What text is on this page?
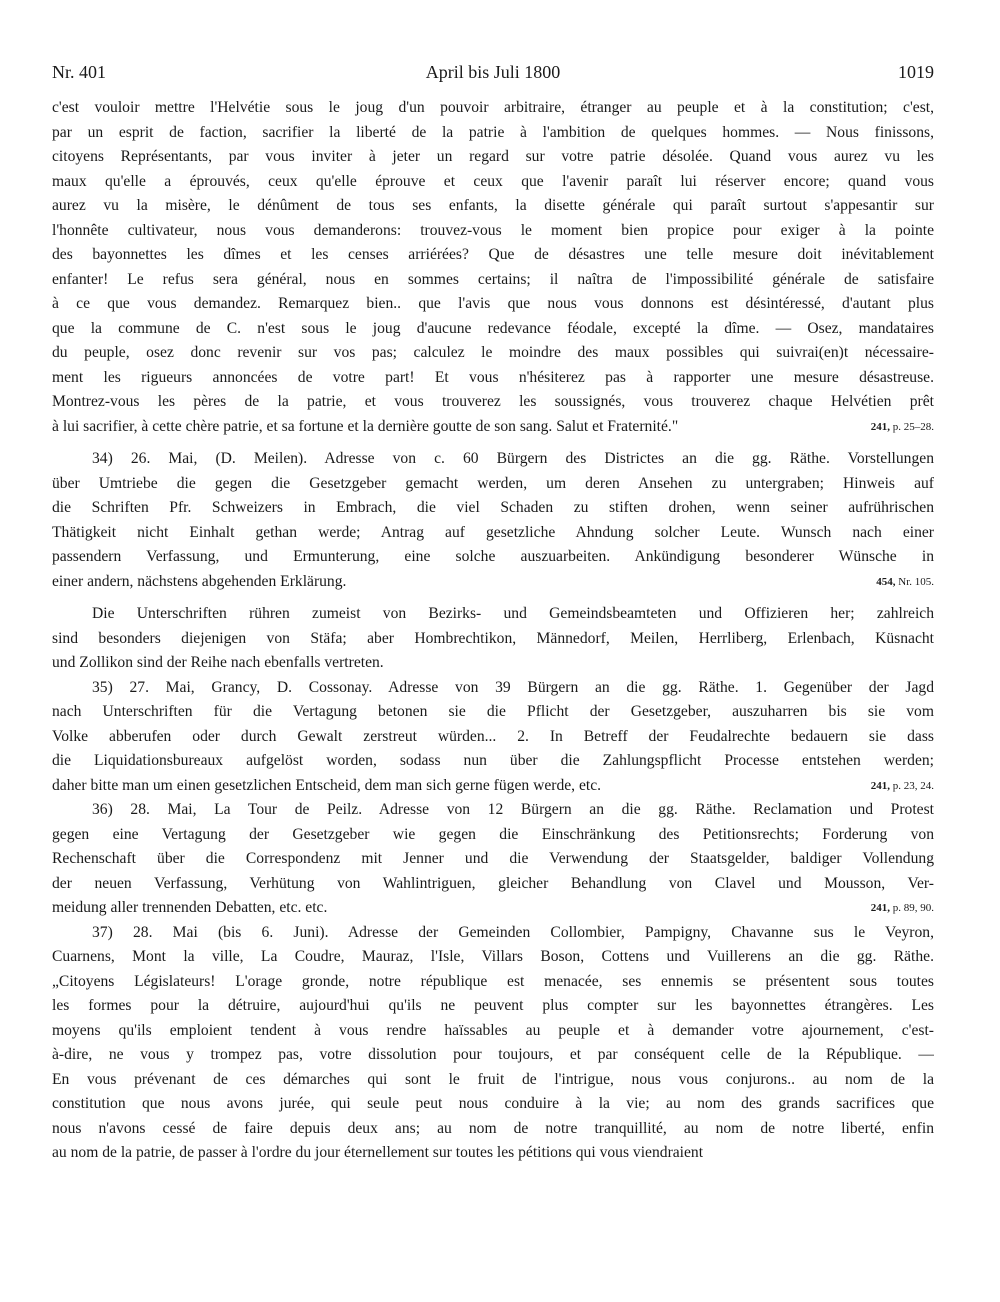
Nr. 401	April bis Juli 1800	1019
c'est vouloir mettre l'Helvétie sous le joug d'un pouvoir arbitraire, étranger au peuple et à la constitution; c'est,
par un esprit de faction, sacrifier la liberté de la patrie à l'ambition de quelques hommes. — Nous finissons,
citoyens Représentants, par vous inviter à jeter un regard sur votre patrie désolée. Quand vous aurez vu les
maux qu'elle a éprouvés, ceux qu'elle éprouve et ceux que l'avenir paraît lui réserver encore; quand vous
aurez vu la misère, le dénûment de tous ses enfants, la disette générale qui paraît surtout s'appesantir sur
l'honnête cultivateur, nous vous demanderons: trouvez-vous le moment bien propice pour exiger à la pointe
des bayonnettes les dîmes et les censes arriérées? Que de désastres une telle mesure doit inévitablement
enfanter! Le refus sera général, nous en sommes certains; il naîtra de l'impossibilité générale de satisfaire
à ce que vous demandez. Remarquez bien.. que l'avis que nous vous donnons est désintéressé, d'autant plus
que la commune de C. n'est sous le joug d'aucune redevance féodale, excepté la dîme. — Osez, mandataires
du peuple, osez donc revenir sur vos pas; calculez le moindre des maux possibles qui suivrai(en)t nécessaire-
ment les rigueurs annoncées de votre part! Et vous n'hésiterez pas à rapporter une mesure désastreuse.
Montrez-vous les pères de la patrie, et vous trouverez les soussignés, vous trouverez chaque Helvétien prêt
241, p. 25–28.
à lui sacrifier, à cette chère patrie, et sa fortune et la dernière goutte de son sang. Salut et Fraternité."
34) 26. Mai, (D. Meilen). Adresse von c. 60 Bürgern des Districtes an die gg. Räthe. Vorstellungen
über Umtriebe die gegen die Gesetzgeber gemacht werden, um deren Ansehen zu untergraben; Hinweis auf
die Schriften Pfr. Schweizers in Embrach, die viel Schaden zu stiften drohen, wenn seiner aufrührischen
Thätigkeit nicht Einhalt gethan werde; Antrag auf gesetzliche Ahndung solcher Leute. Wunsch nach einer
passendern Verfassung, und Ermunterung, eine solche auszuarbeiten. Ankündigung besonderer Wünsche in
454, Nr. 105.
einer andern, nächstens abgehenden Erklärung.
Die Unterschriften rühren zumeist von Bezirks- und Gemeindsbeamteten und Offizieren her; zahlreich
sind besonders diejenigen von Stäfa; aber Hombrechtikon, Männedorf, Meilen, Herrliberg, Erlenbach, Küsnacht
und Zollikon sind der Reihe nach ebenfalls vertreten.
35) 27. Mai, Grancy, D. Cossonay. Adresse von 39 Bürgern an die gg. Räthe. 1. Gegenüber der Jagd
nach Unterschriften für die Vertagung betonen sie die Pflicht der Gesetzgeber, auszuharren bis sie vom
Volke abberufen oder durch Gewalt zerstreut würden... 2. In Betreff der Feudalrechte bedauern sie dass
die Liquidationsbureaux aufgelöst worden, sodass nun über die Zahlungspflicht Processe entstehen werden;
241, p. 23, 24.
daher bitte man um einen gesetzlichen Entscheid, dem man sich gerne fügen werde, etc.
36) 28. Mai, La Tour de Peilz. Adresse von 12 Bürgern an die gg. Räthe. Reclamation und Protest
gegen eine Vertagung der Gesetzgeber wie gegen die Einschränkung des Petitionsrechts; Forderung von
Rechenschaft über die Correspondenz mit Jenner und die Verwendung der Staatsgelder, baldiger Vollendung
der neuen Verfassung, Verhütung von Wahlintriguen, gleicher Behandlung von Clavel und Mousson, Ver-
241, p. 89, 90.
meidung aller trennenden Debatten, etc. etc.
37) 28. Mai (bis 6. Juni). Adresse der Gemeinden Collombier, Pampigny, Chavanne sus le Veyron,
Cuarnens, Mont la ville, La Coudre, Mauraz, l'Isle, Villars Boson, Cottens und Vuillerens an die gg. Räthe.
„Citoyens Législateurs! L'orage gronde, notre république est menacée, ses ennemis se présentent sous toutes
les formes pour la détruire, aujourd'hui qu'ils ne peuvent plus compter sur les bayonnettes étrangères. Les
moyens qu'ils emploient tendent à vous rendre haïssables au peuple et à demander votre ajournement, c'est-
à-dire, ne vous y trompez pas, votre dissolution pour toujours, et par conséquent celle de la République. —
En vous prévenant de ces démarches qui sont le fruit de l'intrigue, nous vous conjurons.. au nom de la
constitution que nous avons jurée, qui seule peut nous conduire à la vie; au nom des grands sacrifices que
nous n'avons cessé de faire depuis deux ans; au nom de notre tranquillité, au nom de notre liberté, enfin
au nom de la patrie, de passer à l'ordre du jour éternellement sur toutes les pétitions qui vous viendraient
